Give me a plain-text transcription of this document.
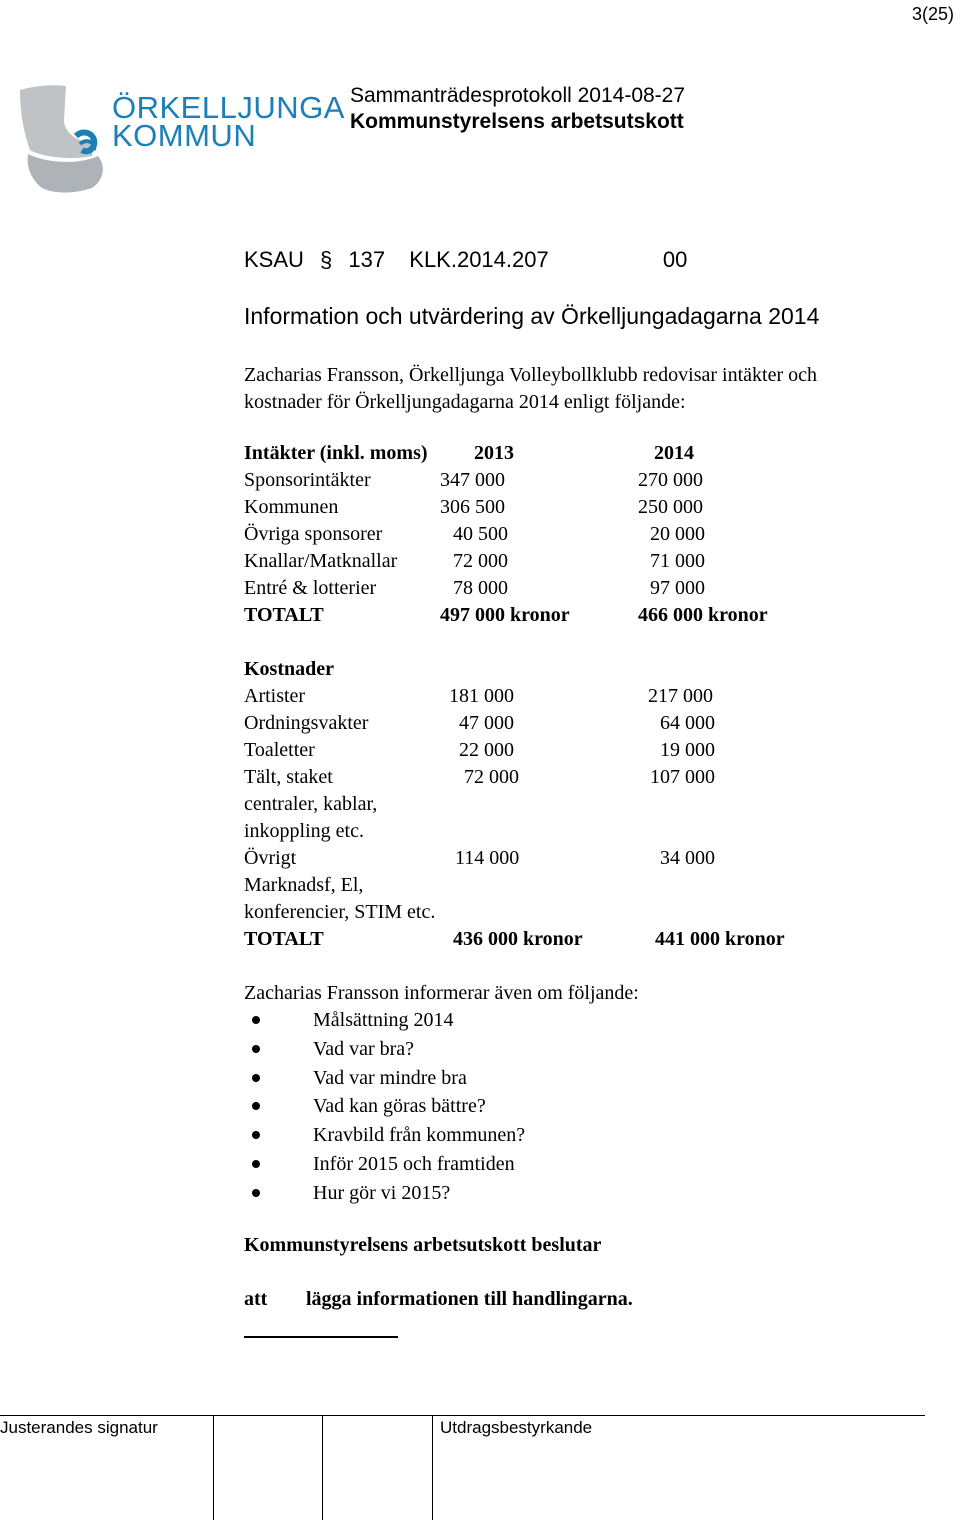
3(25)
ÖRKELLJUNGA
KOMMUN
Sammanträdesprotokoll 2014-08-27
Kommunstyrelsens arbetsutskott
KSAU § 137 KLK.2014.207	00
Information och utvärdering av Örkelljungadagarna 2014
Zacharias Fransson, Örkelljunga Volleybollklubb redovisar intäkter och
kostnader för Örkelljungadagarna 2014 enligt följande:
Intäkter (inkl. moms) 2013	2014
Sponsorintäkter	347 000	270 000
Kommunen	306 500	250 000
Övriga sponsorer	40 500	20 000
Knallar/Matknallar	72 000	71 000
Entré & lotterier	78 000	97 000
TOTALT	497 000 kronor	466 000 kronor
Kostnader
Artister	181 000	217 000
Ordningsvakter	47 000	64 000
Toaletter	22 000	19 000
Tält, staket	72 000	107 000
centraler, kablar,
inkoppling etc.
Övrigt	114 000	34 000
Marknadsf, El,
konferencier, STIM etc.
TOTALT	436 000 kronor	441 000 kronor
Zacharias Fransson informerar även om följande:
Målsättning 2014
Vad var bra?
Vad var mindre bra
Vad kan göras bättre?
Kravbild från kommunen?
Inför 2015 och framtiden
Hur gör vi 2015?
Kommunstyrelsens arbetsutskott beslutar
att lägga informationen till handlingarna.
Justerandes signatur	Utdragsbestyrkande
